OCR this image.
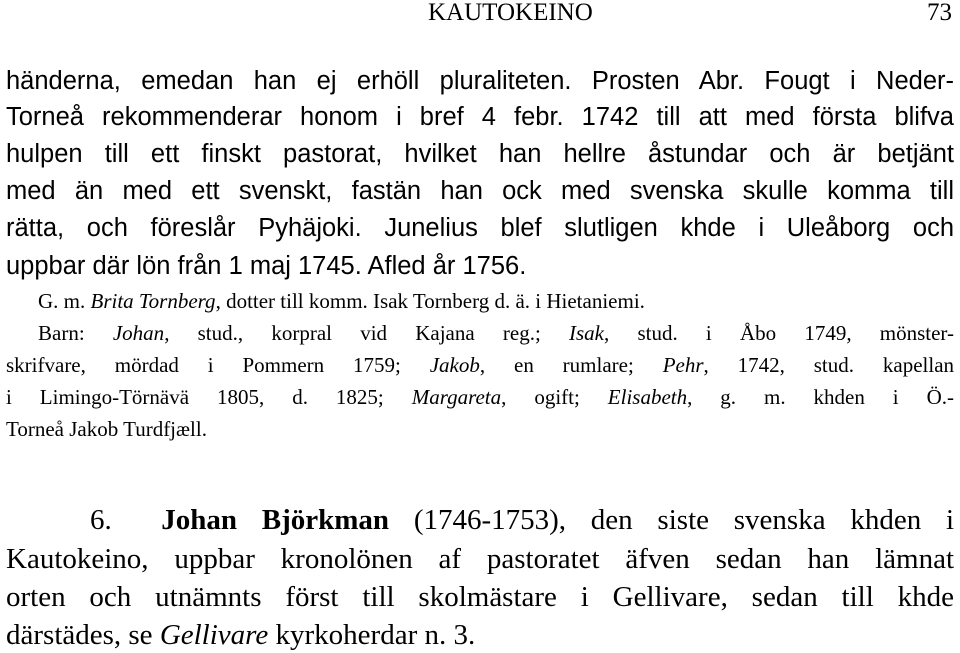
KAUTOKEINO	73
händerna, emedan han ej erhöll pluraliteten. Prosten Abr. Fougt i Neder-
Torneå rekommenderar honom i bref 4 febr. 1742 till att med första blifva
hulpen till ett finskt pastorat, hvilket han hellre åstundar och är betjänt
med än med ett svenskt, fastän han ock med svenska skulle komma till
rätta, och föreslår Pyhäjoki. Junelius blef slutligen khde i Uleåborg och
uppbar där lön från 1 maj 1745. Afled år 1756.
G. m. Brita Tornberg, dotter till komm. Isak Tornberg d. ä. i Hietaniemi.
Barn: Johan, stud., korpral vid Kajana reg.; Isak, stud. i Åbo 1749, mönster-
skrifvare, mördad i Pommern 1759; Jakob, en rumlare; Pehr, 1742, stud. kapellan
i Limingo-Törnävä 1805, d. 1825; Margareta, ogift; Elisabeth, g. m. khden i Ö.-
Torneå Jakob Turdfjæll.
6. Johan Björkman (1746-1753), den siste svenska khden i
Kautokeino, uppbar kronolönen af pastoratet äfven sedan han lämnat
orten och utnämnts först till skolmästare i Gellivare, sedan till khde
därstädes, se Gellivare kyrkoherdar n. 3.
